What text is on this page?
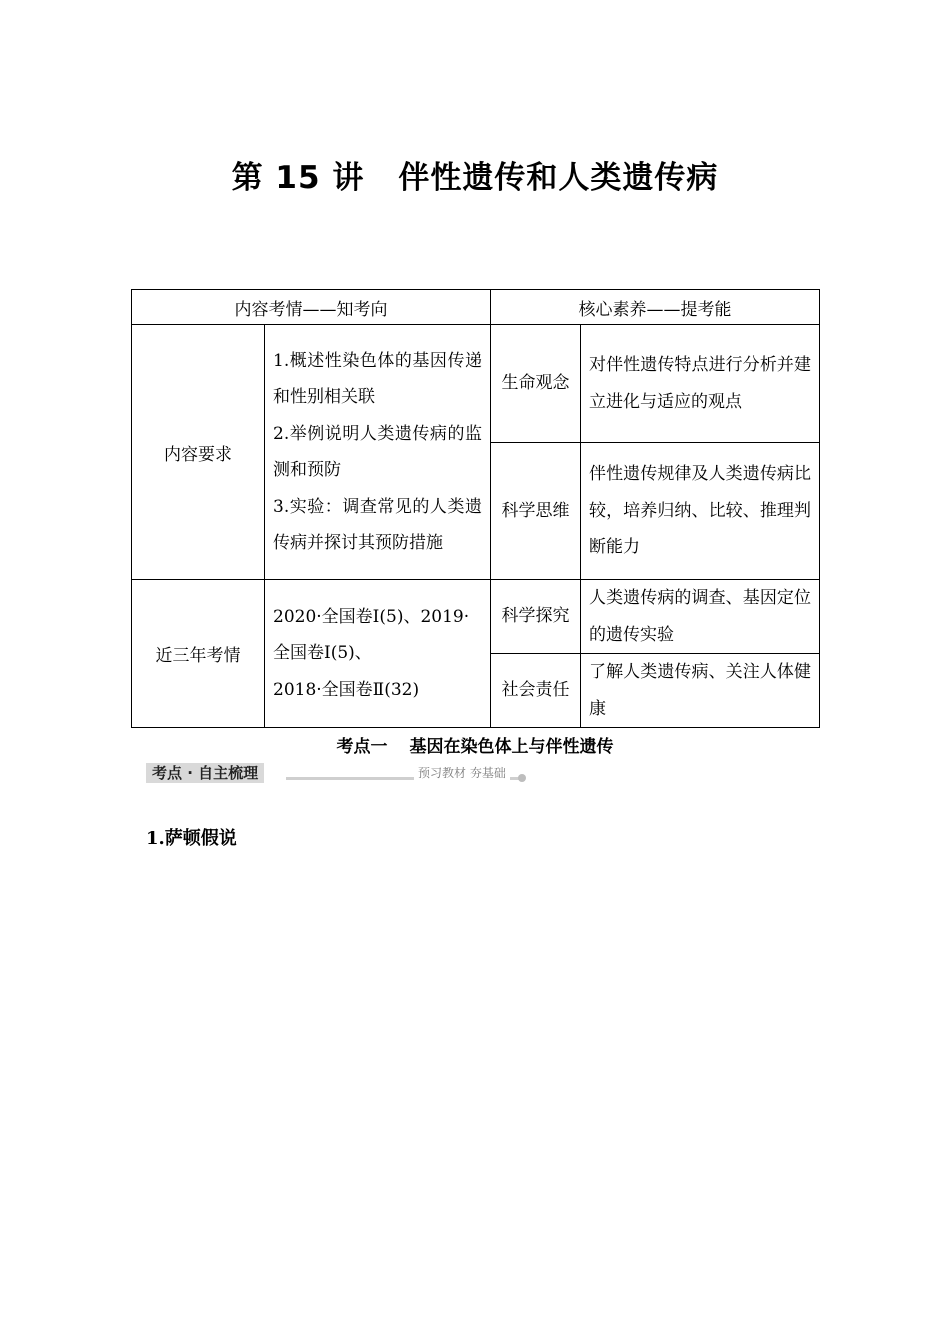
第 15 讲 伴性遗传和人类遗传病
内容考情——知考向		核心素养——提考能	
内容要求	1.概述性染色体的基因传递和性别相关联
2.举例说明人类遗传病的监测和预防
3.实验：调查常见的人类遗传病并探讨其预防措施	生命观念	对伴性遗传特点进行分析并建立进化与适应的观点

		科学思维	伴性遗传规律及人类遗传病比较，培养归纳、比较、推理判断能力

近三年考情	2020·全国卷Ⅰ(5)、2019·
全国卷Ⅰ(5)、
2018·全国卷Ⅱ(32)	科学探究	人类遗传病的调查、基因定位的遗传实验

		社会责任	了解人类遗传病、关注人体健康
考点一 基因在染色体上与伴性遗传
考点 · 自主梳理	预习教材 夯基础
1.萨顿假说
